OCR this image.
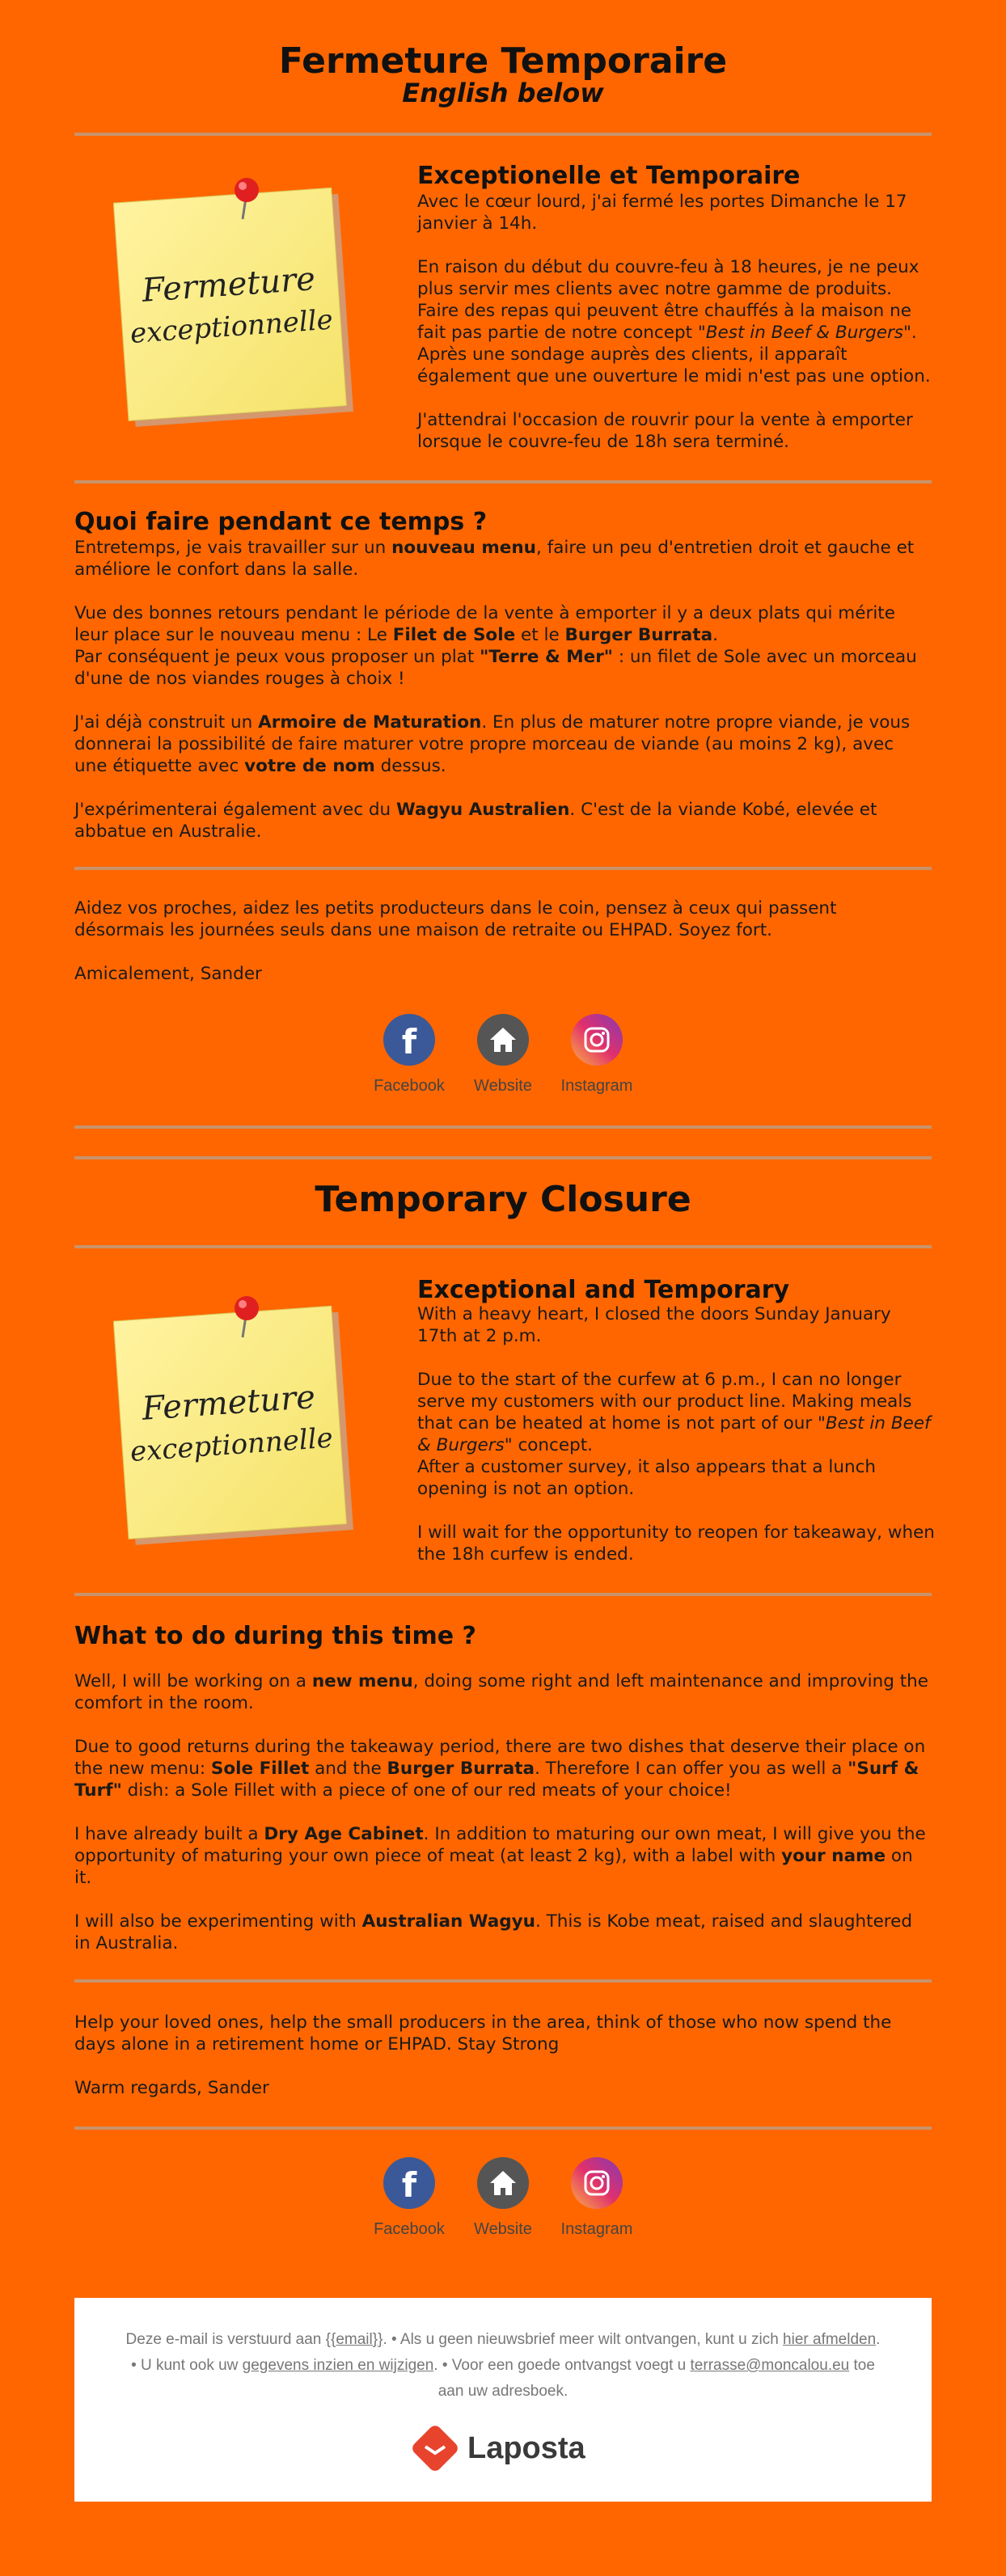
Fermeture Temporaire
English below
Fermeture
exceptionnelle
Exceptionelle et Temporaire
Avec le cœur lourd, j'ai fermé les portes Dimanche le 17 janvier à 14h.
En raison du début du couvre-feu à 18 heures, je ne peux plus servir mes clients avec notre gamme de produits. Faire des repas qui peuvent être chauffés à la maison ne fait pas partie de notre concept "Best in Beef & Burgers". Après une sondage auprès des clients, il apparaît également que une ouverture le midi n'est pas une option.
J'attendrai l'occasion de rouvrir pour la vente à emporter lorsque le couvre-feu de 18h sera terminé.
Quoi faire pendant ce temps ?
Entretemps, je vais travailler sur un nouveau menu, faire un peu d'entretien droit et gauche et améliore le confort dans la salle.
Vue des bonnes retours pendant le période de la vente à emporter il y a deux plats qui mérite leur place sur le nouveau menu : Le Filet de Sole et le Burger Burrata.
Par conséquent je peux vous proposer un plat "Terre & Mer" : un filet de Sole avec un morceau d'une de nos viandes rouges à choix !
J'ai déjà construit un Armoire de Maturation. En plus de maturer notre propre viande, je vous donnerai la possibilité de faire maturer votre propre morceau de viande (au moins 2 kg), avec une étiquette avec votre de nom dessus.
J'expérimenterai également avec du Wagyu Australien. C'est de la viande Kobé, elevée et abbatue en Australie.
Aidez vos proches, aidez les petits producteurs dans le coin, pensez à ceux qui passent désormais les journées seuls dans une maison de retraite ou EHPAD. Soyez fort.
Amicalement, Sander
f
Facebook	Website	Instagram
Temporary Closure
Fermeture
exceptionnelle
Exceptional and Temporary
With a heavy heart, I closed the doors Sunday January 17th at 2 p.m.
Due to the start of the curfew at 6 p.m., I can no longer serve my customers with our product line. Making meals that can be heated at home is not part of our "Best in Beef & Burgers" concept.
After a customer survey, it also appears that a lunch opening is not an option.
I will wait for the opportunity to reopen for takeaway, when the 18h curfew is ended.
What to do during this time ?
Well, I will be working on a new menu, doing some right and left maintenance and improving the comfort in the room.
Due to good returns during the takeaway period, there are two dishes that deserve their place on the new menu: Sole Fillet and the Burger Burrata. Therefore I can offer you as well a "Surf & Turf" dish: a Sole Fillet with a piece of one of our red meats of your choice!
I have already built a Dry Age Cabinet. In addition to maturing our own meat, I will give you the opportunity of maturing your own piece of meat (at least 2 kg), with a label with your name on it.
I will also be experimenting with Australian Wagyu. This is Kobe meat, raised and slaughtered in Australia.
Help your loved ones, help the small producers in the area, think of those who now spend the days alone in a retirement home or EHPAD. Stay Strong
Warm regards, Sander
f
Facebook	Website	Instagram
Deze e-mail is verstuurd aan {{email}}. • Als u geen nieuwsbrief meer wilt ontvangen, kunt u zich hier afmelden. • U kunt ook uw gegevens inzien en wijzigen. • Voor een goede ontvangst voegt u terrasse@moncalou.eu toe aan uw adresboek.
Laposta
